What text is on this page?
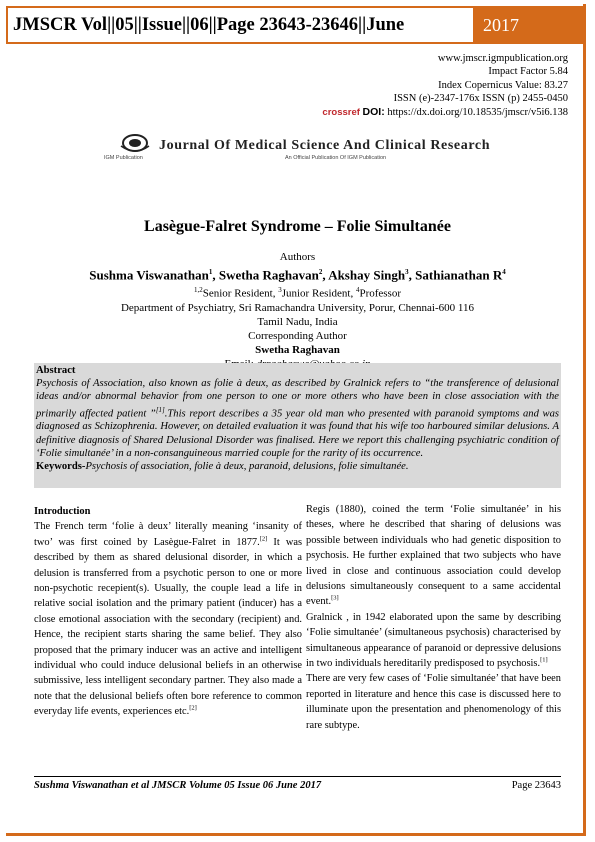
JMSCR Vol||05||Issue||06||Page 23643-23646||June	2017
www.jmscr.igmpublication.org
Impact Factor 5.84
Index Copernicus Value: 83.27
ISSN (e)-2347-176x ISSN (p) 2455-0450
crossref DOI: https://dx.doi.org/10.18535/jmscr/v5i6.138
Journal Of Medical Science And Clinical Research
IGM Publication	An Official Publication Of IGM Publication
Lasègue-Falret Syndrome – Folie Simultanée
Authors
Sushma Viswanathan$^1$, Swetha Raghavan$^2$, Akshay Singh$^3$, Sathianathan $R^4$
$^{1,2}$Senior Resident, $^3$Junior Resident, $^4$Professor
Department of Psychiatry, Sri Ramachandra University, Porur, Chennai-600 116
Tamil Nadu, India
Corresponding Author
Swetha Raghavan
Abstract
Psychosis of Association, also known as folie à deux, as described by Gralnick refers to “the transference of delusional ideas and/or abnormal behavior from one person to one or more others who have been in close association with the primarily affected patient ”[1].This report describes a 35 year old man who presented with paranoid symptoms and was diagnosed as Schizophrenia. However, on detailed evaluation it was found that his wife too harboured similar delusions. A definitive diagnosis of Shared Delusional Disorder was finalised. Here we report this challenging psychiatric condition of ‘Folie simultanée’ in a non-consanguineous married couple for the rarity of its occurrence.
Keywords-Psychosis of association, folie à deux, paranoid, delusions, folie simultanée.
Introduction

The French term ‘folie à deux’ literally meaning ‘insanity of two’ was first coined by Lasègue-Falret in 1877.[2] It was described by them as shared delusional disorder, in which a delusion is transferred from a psychotic person to one or more non-psychotic recepient(s). Usually, the couple lead a life in relative social isolation and the primary patient (inducer) has a close emotional association with the secondary (recipient) and. Hence, the recipient starts sharing the same belief. They also proposed that the primary inducer was an active and intelligent individual who could induce delusional beliefs in an otherwise submissive, less intelligent secondary partner. They also made a note that the delusional beliefs often bore reference to common everyday life events, experiences etc.[2]

Regis (1880), coined the term ‘Folie simultanée’ in his theses, where he described that sharing of delusions was possible between individuals who had genetic disposition to psychosis. He further explained that two subjects who have lived in close and continuous association could develop delusions simultaneously consequent to a same accidental event.[3]

Gralnick , in 1942 elaborated upon the same by describing ‘Folie simultanée’ (simultaneous psychosis) characterised by simultaneous appearance of paranoid or depressive delusions in two individuals hereditarily predisposed to psychosis.[1]

There are very few cases of ‘Folie simultanée’ that have been reported in literature and hence this case is discussed here to illuminate upon the presentation and phenomenology of this rare subtype.

Sushma Viswanathan et al JMSCR Volume 05 Issue 06 June 2017	Page 23643
